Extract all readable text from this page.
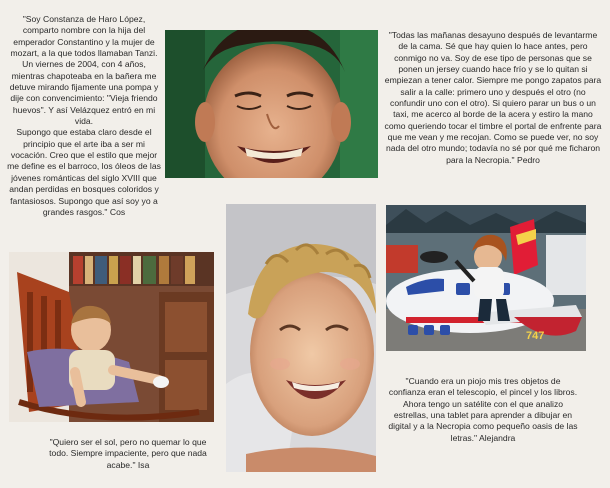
"Soy Constanza de Haro López, comparto nombre con la hija del emperador Constantino y la mujer de mozart, a la que todos llamaban Tanzi. Un viernes de 2004, con 4 años, mientras chapoteaba en la bañera me detuve mirando fijamente una pompa y dije con convencimiento: "Vieja friendo huevos". Y así Velázquez entró en mi vida.
Supongo que estaba claro desde el principio que el arte iba a ser mi vocación. Creo que el estilo que mejor me define es el barroco, los óleos de las jóvenes románticas del siglo XVIII que andan perdidas en bosques coloridos y fantasiosos. Supongo que así soy yo a grandes rasgos." Cos

"Todas las mañanas desayuno después de levantarme de la cama. Sé que hay quien lo hace antes, pero conmigo no va. Soy de ese tipo de personas que se ponen un jersey cuando hace frío y se lo quitan si empiezan a tener calor. Siempre me pongo zapatos para salir a la calle: primero uno y después el otro (no confundir uno con el otro). Si quiero parar un bus o un taxi, me acerco al borde de la acera y estiro la mano como queriendo tocar el timbre el portal de enfrente para que me vean y me recojan. Como se puede ver, no soy nada del otro mundo; todavía no sé por qué me ficharon para la Necropia." Pedro

"Quiero ser el sol, pero no quemar lo que todo. Siempre impaciente, pero que nada acabe." Isa

"Cuando era un piojo mis tres objetos de confianza eran el telescopio, el pincel y los libros. Ahora tengo un satélite con el que analizo estrellas, una tablet para aprender a dibujar en digital y a la Necropia como pequeño oasis de las letras." Alejandra

747
